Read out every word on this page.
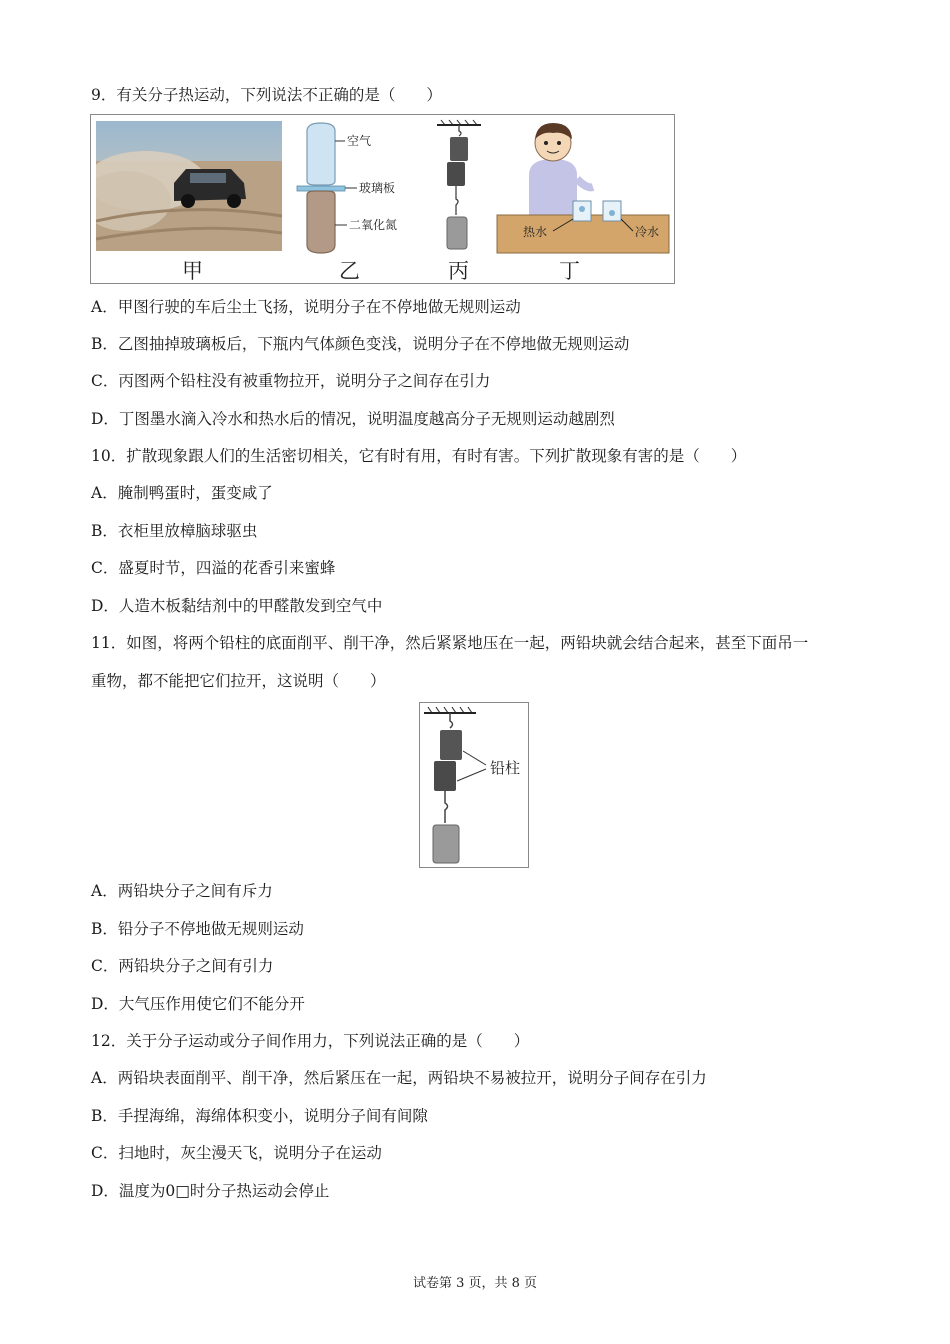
9．有关分子热运动，下列说法不正确的是（　　）
甲
空气
玻璃板
二氧化氮
乙	丙
热水	冷水
丁
A．甲图行驶的车后尘土飞扬，说明分子在不停地做无规则运动
B．乙图抽掉玻璃板后，下瓶内气体颜色变浅，说明分子在不停地做无规则运动
C．丙图两个铅柱没有被重物拉开，说明分子之间存在引力
D．丁图墨水滴入冷水和热水后的情况，说明温度越高分子无规则运动越剧烈
10．扩散现象跟人们的生活密切相关，它有时有用，有时有害。下列扩散现象有害的是（　　）
A．腌制鸭蛋时，蛋变咸了
B．衣柜里放樟脑球驱虫
C．盛夏时节，四溢的花香引来蜜蜂
D．人造木板黏结剂中的甲醛散发到空气中
11．如图，将两个铅柱的底面削平、削干净，然后紧紧地压在一起，两铅块就会结合起来，甚至下面吊一
重物，都不能把它们拉开，这说明（　　）
铅柱
A．两铅块分子之间有斥力
B．铅分子不停地做无规则运动
C．两铅块分子之间有引力
D．大气压作用使它们不能分开
12．关于分子运动或分子间作用力，下列说法正确的是（　　）
A．两铅块表面削平、削干净，然后紧压在一起，两铅块不易被拉开，说明分子间存在引力
B．手捏海绵，海绵体积变小，说明分子间有间隙
C．扫地时，灰尘漫天飞，说明分子在运动
D．温度为0□时分子热运动会停止
试卷第 3 页，共 8 页
